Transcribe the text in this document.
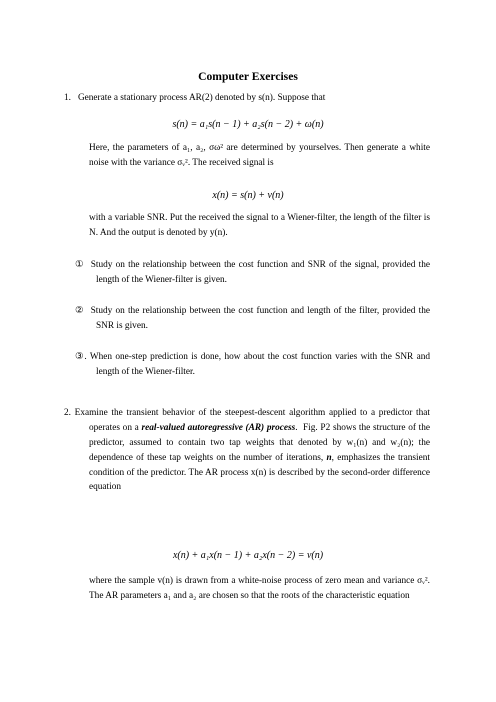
Computer Exercises
1.   Generate a stationary process AR(2) denoted by s(n). Suppose that
s(n) = a₁s(n − 1) + a₂s(n − 2) + ω(n)
Here, the parameters of a₁, a₂, σω² are determined by yourselves. Then generate a white noise with the variance σᵥ². The received signal is
x(n) = s(n) + v(n)
with a variable SNR. Put the received the signal to a Wiener-filter, the length of the filter is N. And the output is denoted by y(n).
①  Study on the relationship between the cost function and SNR of the signal, provided the length of the Wiener-filter is given.
②  Study on the relationship between the cost function and length of the filter, provided the SNR is given.
③. When one-step prediction is done, how about the cost function varies with the SNR and length of the Wiener-filter.
2. Examine the transient behavior of the steepest-descent algorithm applied to a predictor that operates on a real-valued autoregressive (AR) process.  Fig. P2 shows the structure of the predictor, assumed to contain two tap weights that denoted by w₁(n) and w₂(n); the dependence of these tap weights on the number of iterations, n, emphasizes the transient condition of the predictor. The AR process x(n) is described by the second-order difference equation
x(n) + a₁x(n − 1) + a₂x(n − 2) = v(n)
where the sample v(n) is drawn from a white-noise process of zero mean and variance σᵥ². The AR parameters a₁ and a₂ are chosen so that the roots of the characteristic equation
